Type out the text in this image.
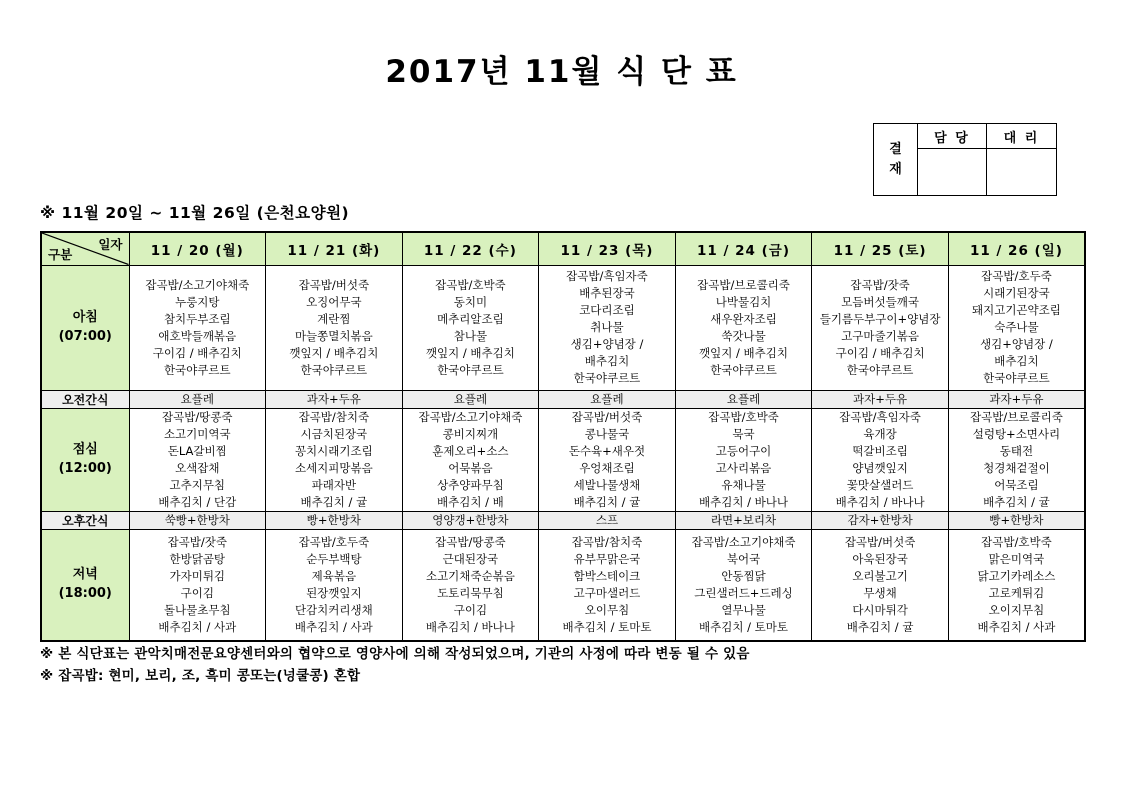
2017년 11월 식 단 표
결재
담 당	대 리
※ 11월 20일 ~ 11월 26일 (은천요양원)
일자
구분	11 / 20 (월)	11 / 21 (화)	11 / 22 (수)	11 / 23 (목)	11 / 24 (금)	11 / 25 (토)	11 / 26 (일)

아침
(07:00)

잡곡밥/소고기야채죽
누룽지탕
참치두부조림
애호박들깨볶음
구이김 / 배추김치
한국야쿠르트

잡곡밥/버섯죽
오징어무국
계란찜
마늘쫑멸치볶음
깻잎지 / 배추김치
한국야쿠르트

잡곡밥/호박죽
동치미
메추리알조림
참나물
깻잎지 / 배추김치
한국야쿠르트

잡곡밥/흑임자죽
배추된장국
코다리조림
취나물
생김+양념장 /
배추김치
한국야쿠르트

잡곡밥/브로콜리죽
나박물김치
새우완자조림
쑥갓나물
깻잎지 / 배추김치
한국야쿠르트

잡곡밥/잣죽
모듬버섯들깨국
들기름두부구이+양념장
고구마줄기볶음
구이김 / 배추김치
한국야쿠르트

잡곡밥/호두죽
시래기된장국
돼지고기곤약조림
숙주나물
생김+양념장 /
배추김치
한국야쿠르트

오전간식	요플레	과자+두유	요플레	요플레	요플레	과자+두유	과자+두유

점심
(12:00)

잡곡밥/땅콩죽
소고기미역국
돈LA갈비찜
오색잡채
고추지무침
배추김치 / 단감

잡곡밥/참치죽
시금치된장국
꽁치시래기조림
소세지피망볶음
파래자반
배추김치 / 귤

잡곡밥/소고기야채죽
콩비지찌개
훈제오리+소스
어묵볶음
상추양파무침
배추김치 / 배

잡곡밥/버섯죽
콩나물국
돈수육+새우젓
우엉채조림
세발나물생채
배추김치 / 귤

잡곡밥/호박죽
묵국
고등어구이
고사리볶음
유채나물
배추김치 / 바나나

잡곡밥/흑임자죽
육개장
떡갈비조림
양념깻잎지
꽃맛살샐러드
배추김치 / 바나나

잡곡밥/브로콜리죽
설렁탕+소면사리
동태전
청경채겉절이
어묵조림
배추김치 / 귤

오후간식	쑥빵+한방차	빵+한방차	영양갱+한방차	스프	라면+보리차	감자+한방차	빵+한방차

저녁
(18:00)

잡곡밥/잣죽
한방닭곰탕
가자미튀김
구이김
돌나물초무침
배추김치 / 사과

잡곡밥/호두죽
순두부백탕
제육볶음
된장깻잎지
단감치커리생채
배추김치 / 사과

잡곡밥/땅콩죽
근대된장국
소고기채죽순볶음
도토리묵무침
구이김
배추김치 / 바나나

잡곡밥/참치죽
유부무맑은국
함박스테이크
고구마샐러드
오이무침
배추김치 / 토마토

잡곡밥/소고기야채죽
북어국
안동찜닭
그린샐러드+드레싱
열무나물
배추김치 / 토마토

잡곡밥/버섯죽
아욱된장국
오리불고기
무생채
다시마튀각
배추김치 / 귤

잡곡밥/호박죽
맑은미역국
닭고기카레소스
고로케튀김
오이지무침
배추김치 / 사과
※ 본 식단표는 관악치매전문요양센터와의 협약으로 영양사에 의해 작성되었으며, 기관의 사정에 따라 변동 될 수 있음
※ 잡곡밥: 현미, 보리, 조, 흑미 콩또는(넝쿨콩) 혼합
